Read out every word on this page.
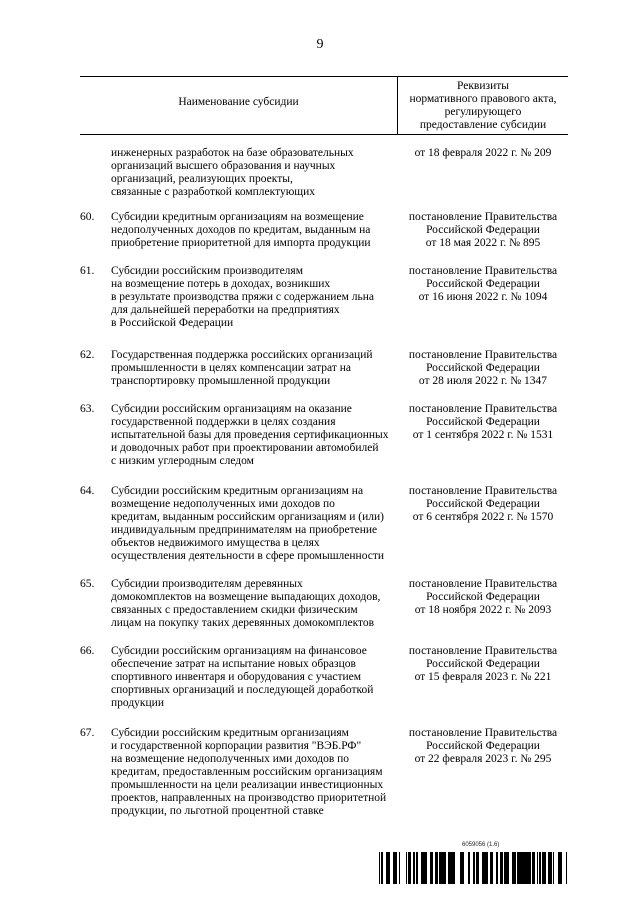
9
Наименование субсидии
Реквизиты
нормативного правового акта,
регулирующего
предоставление субсидии
инженерных разработок на базе образовательных
организаций высшего образования и научных
организаций, реализующих проекты,
связанные с разработкой комплектующих
от 18 февраля 2022 г. № 209
60. Субсидии кредитным организациям на возмещение
недополученных доходов по кредитам, выданным на
приобретение приоритетной для импорта продукции
постановление Правительства
Российской Федерации
от 18 мая 2022 г. № 895
61. Субсидии российским производителям
на возмещение потерь в доходах, возникших
в результате производства пряжи с содержанием льна
для дальнейшей переработки на предприятиях
в Российской Федерации
постановление Правительства
Российской Федерации
от 16 июня 2022 г. № 1094
62. Государственная поддержка российских организаций
промышленности в целях компенсации затрат на
транспортировку промышленной продукции
постановление Правительства
Российской Федерации
от 28 июля 2022 г. № 1347
63. Субсидии российским организациям на оказание
государственной поддержки в целях создания
испытательной базы для проведения сертификационных
и доводочных работ при проектировании автомобилей
с низким углеродным следом
постановление Правительства
Российской Федерации
от 1 сентября 2022 г. № 1531
64. Субсидии российским кредитным организациям на
возмещение недополученных ими доходов по
кредитам, выданным российским организациям и (или)
индивидуальным предпринимателям на приобретение
объектов недвижимого имущества в целях
осуществления деятельности в сфере промышленности
постановление Правительства
Российской Федерации
от 6 сентября 2022 г. № 1570
65. Субсидии производителям деревянных
домокомплектов на возмещение выпадающих доходов,
связанных с предоставлением скидки физическим
лицам на покупку таких деревянных домокомплектов
постановление Правительства
Российской Федерации
от 18 ноября 2022 г. № 2093
66. Субсидии российским организациям на финансовое
обеспечение затрат на испытание новых образцов
спортивного инвентаря и оборудования с участием
спортивных организаций и последующей доработкой
продукции
постановление Правительства
Российской Федерации
от 15 февраля 2023 г. № 221
67. Субсидии российским кредитным организациям
и государственной корпорации развития "ВЭБ.РФ"
на возмещение недополученных ими доходов по
кредитам, предоставленным российским организациям
промышленности на цели реализации инвестиционных
проектов, направленных на производство приоритетной
продукции, по льготной процентной ставке
постановление Правительства
Российской Федерации
от 22 февраля 2023 г. № 295
6059056 (1.6)
